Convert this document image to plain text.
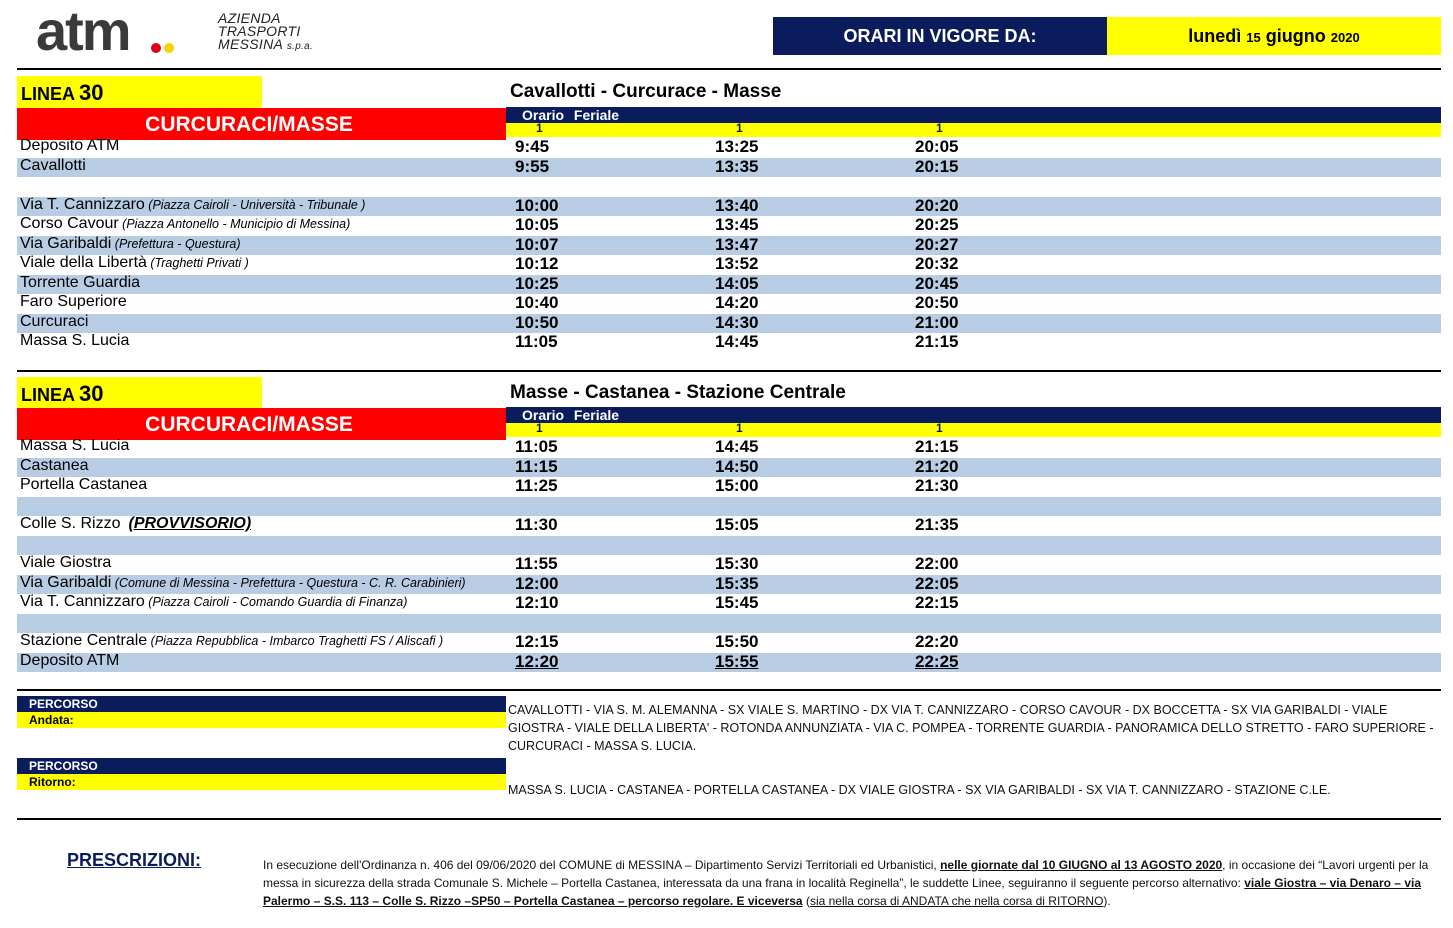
atm	AZIENDA
TRASPORTI
MESSINA s.p.a.
ORARI IN VIGORE DA:	lunedì 15 giugno 2020
LINEA 30	Cavallotti - Curcurace - Masse
CURCURACI/MASSE	Orario Feriale
1	1	1
Deposito ATM	9:45	13:25	20:05
Cavallotti	9:55	13:35	20:15
Via T. Cannizzaro (Piazza Cairoli - Università - Tribunale )	10:00	13:40	20:20
Corso Cavour (Piazza Antonello - Municipio di Messina)	10:05	13:45	20:25
Via Garibaldi (Prefettura - Questura)	10:07	13:47	20:27
Viale della Libertà (Traghetti Privati )	10:12	13:52	20:32
Torrente Guardia	10:25	14:05	20:45
Faro Superiore	10:40	14:20	20:50
Curcuraci	10:50	14:30	21:00
Massa S. Lucia	11:05	14:45	21:15
LINEA 30	Masse - Castanea - Stazione Centrale
CURCURACI/MASSE	Orario Feriale
1	1	1
Massa S. Lucia	11:05	14:45	21:15
Castanea	11:15	14:50	21:20
Portella Castanea	11:25	15:00	21:30
Colle S. Rizzo (PROVVISORIO)	11:30	15:05	21:35
Viale Giostra	11:55	15:30	22:00
Via Garibaldi (Comune di Messina - Prefettura - Questura - C. R. Carabinieri)	12:00	15:35	22:05
Via T. Cannizzaro (Piazza Cairoli - Comando Guardia di Finanza)	12:10	15:45	22:15
Stazione Centrale (Piazza Repubblica - Imbarco Traghetti FS / Aliscafi )	12:15	15:50	22:20
Deposito ATM	12:20	15:55	22:25
PERCORSO
Andata:
CAVALLOTTI - VIA S. M. ALEMANNA - SX VIALE S. MARTINO - DX VIA T. CANNIZZARO - CORSO CAVOUR - DX BOCCETTA - SX VIA GARIBALDI - VIALE GIOSTRA - VIALE DELLA LIBERTA' - ROTONDA ANNUNZIATA - VIA C. POMPEA - TORRENTE GUARDIA - PANORAMICA DELLO STRETTO - FARO SUPERIORE - CURCURACI - MASSA S. LUCIA.
PERCORSO
Ritorno:
MASSA S. LUCIA - CASTANEA - PORTELLA CASTANEA - DX VIALE GIOSTRA - SX VIA GARIBALDI - SX VIA T. CANNIZZARO - STAZIONE C.LE.
PRESCRIZIONI:	In esecuzione dell'Ordinanza n. 406 del 09/06/2020 del COMUNE di MESSINA – Dipartimento Servizi Territoriali ed Urbanistici, nelle giornate dal 10 GIUGNO al 13 AGOSTO 2020, in occasione dei “Lavori urgenti per la messa in sicurezza della strada Comunale S. Michele – Portella Castanea, interessata da una frana in località Reginella”, le suddette Linee, seguiranno il seguente percorso alternativo: viale Giostra – via Denaro – via Palermo – S.S. 113 – Colle S. Rizzo –SP50 – Portella Castanea – percorso regolare. E viceversa (sia nella corsa di ANDATA che nella corsa di RITORNO).
